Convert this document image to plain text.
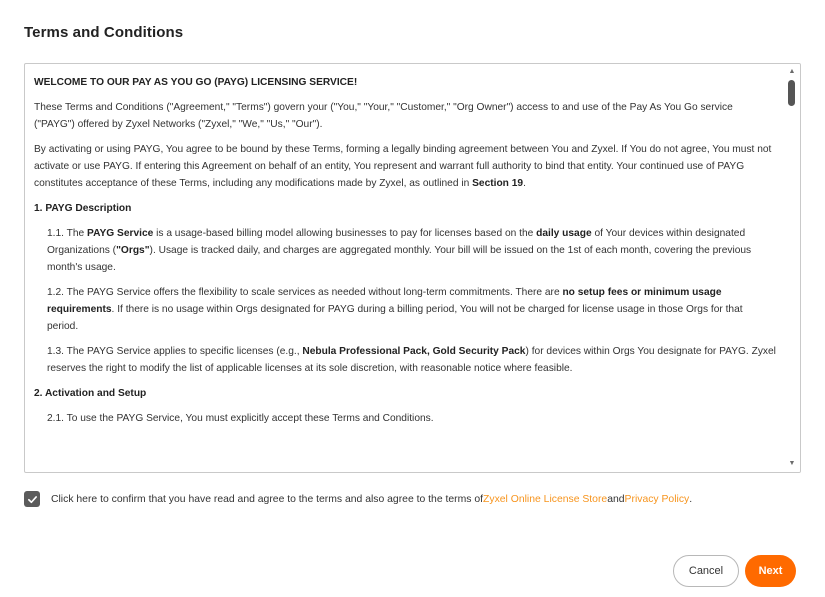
Terms and Conditions

WELCOME TO OUR PAY AS YOU GO (PAYG) LICENSING SERVICE!

These Terms and Conditions ("Agreement," "Terms") govern your ("You," "Your," "Customer," "Org Owner") access to and use of the Pay As You Go service ("PAYG") offered by Zyxel Networks ("Zyxel," "We," "Us," "Our").

By activating or using PAYG, You agree to be bound by these Terms, forming a legally binding agreement between You and Zyxel. If You do not agree, You must not activate or use PAYG. If entering this Agreement on behalf of an entity, You represent and warrant full authority to bind that entity. Your continued use of PAYG constitutes acceptance of these Terms, including any modifications made by Zyxel, as outlined in Section 19.

1. PAYG Description

1.1. The PAYG Service is a usage-based billing model allowing businesses to pay for licenses based on the daily usage of Your devices within designated Organizations ("Orgs"). Usage is tracked daily, and charges are aggregated monthly. Your bill will be issued on the 1st of each month, covering the previous month's usage.

1.2. The PAYG Service offers the flexibility to scale services as needed without long-term commitments. There are no setup fees or minimum usage requirements. If there is no usage within Orgs designated for PAYG during a billing period, You will not be charged for license usage in those Orgs for that period.

1.3. The PAYG Service applies to specific licenses (e.g., Nebula Professional Pack, Gold Security Pack) for devices within Orgs You designate for PAYG. Zyxel reserves the right to modify the list of applicable licenses at its sole discretion, with reasonable notice where feasible.

2. Activation and Setup

2.1. To use the PAYG Service, You must explicitly accept these Terms and Conditions.

▲
▼
Click here to confirm that you have read and agree to the terms and also agree to the terms of Zyxel Online License Store and Privacy Policy .
Cancel	Next
